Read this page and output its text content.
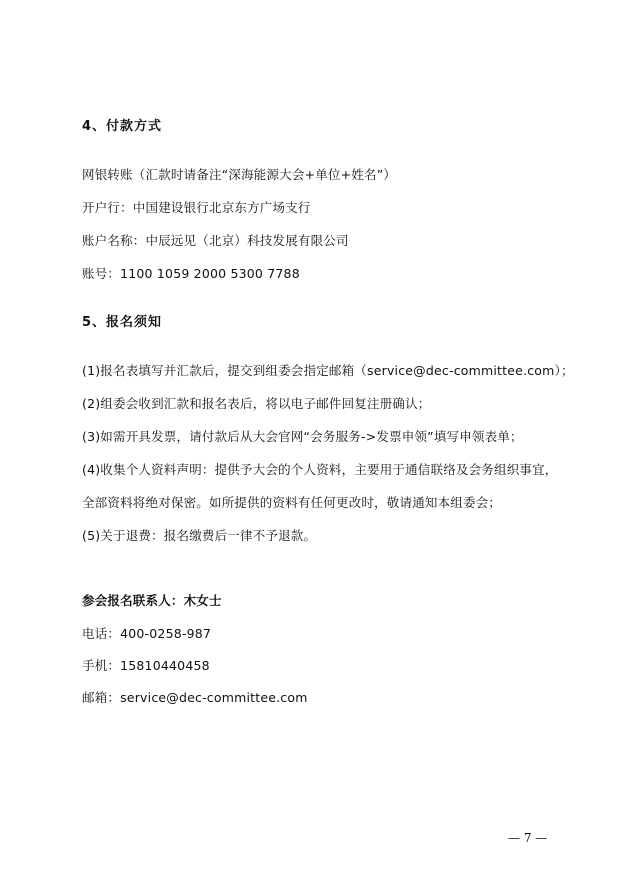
4、付款方式
网银转账（汇款时请备注“深海能源大会+单位+姓名”）
开户行：中国建设银行北京东方广场支行
账户名称：中辰远见（北京）科技发展有限公司
账号：1100 1059 2000 5300 7788
5、报名须知
(1)报名表填写并汇款后，提交到组委会指定邮箱（service@dec-committee.com）；
(2)组委会收到汇款和报名表后，将以电子邮件回复注册确认；
(3)如需开具发票，请付款后从大会官网“会务服务->发票申领”填写申领表单；
(4)收集个人资料声明：提供予大会的个人资料，主要用于通信联络及会务组织事宜，
全部资料将绝对保密。如所提供的资料有任何更改时，敬请通知本组委会；
(5)关于退费：报名缴费后一律不予退款。
参会报名联系人：木女士
电话：400-0258-987
手机：15810440458
邮箱：service@dec-committee.com
— 7 —
